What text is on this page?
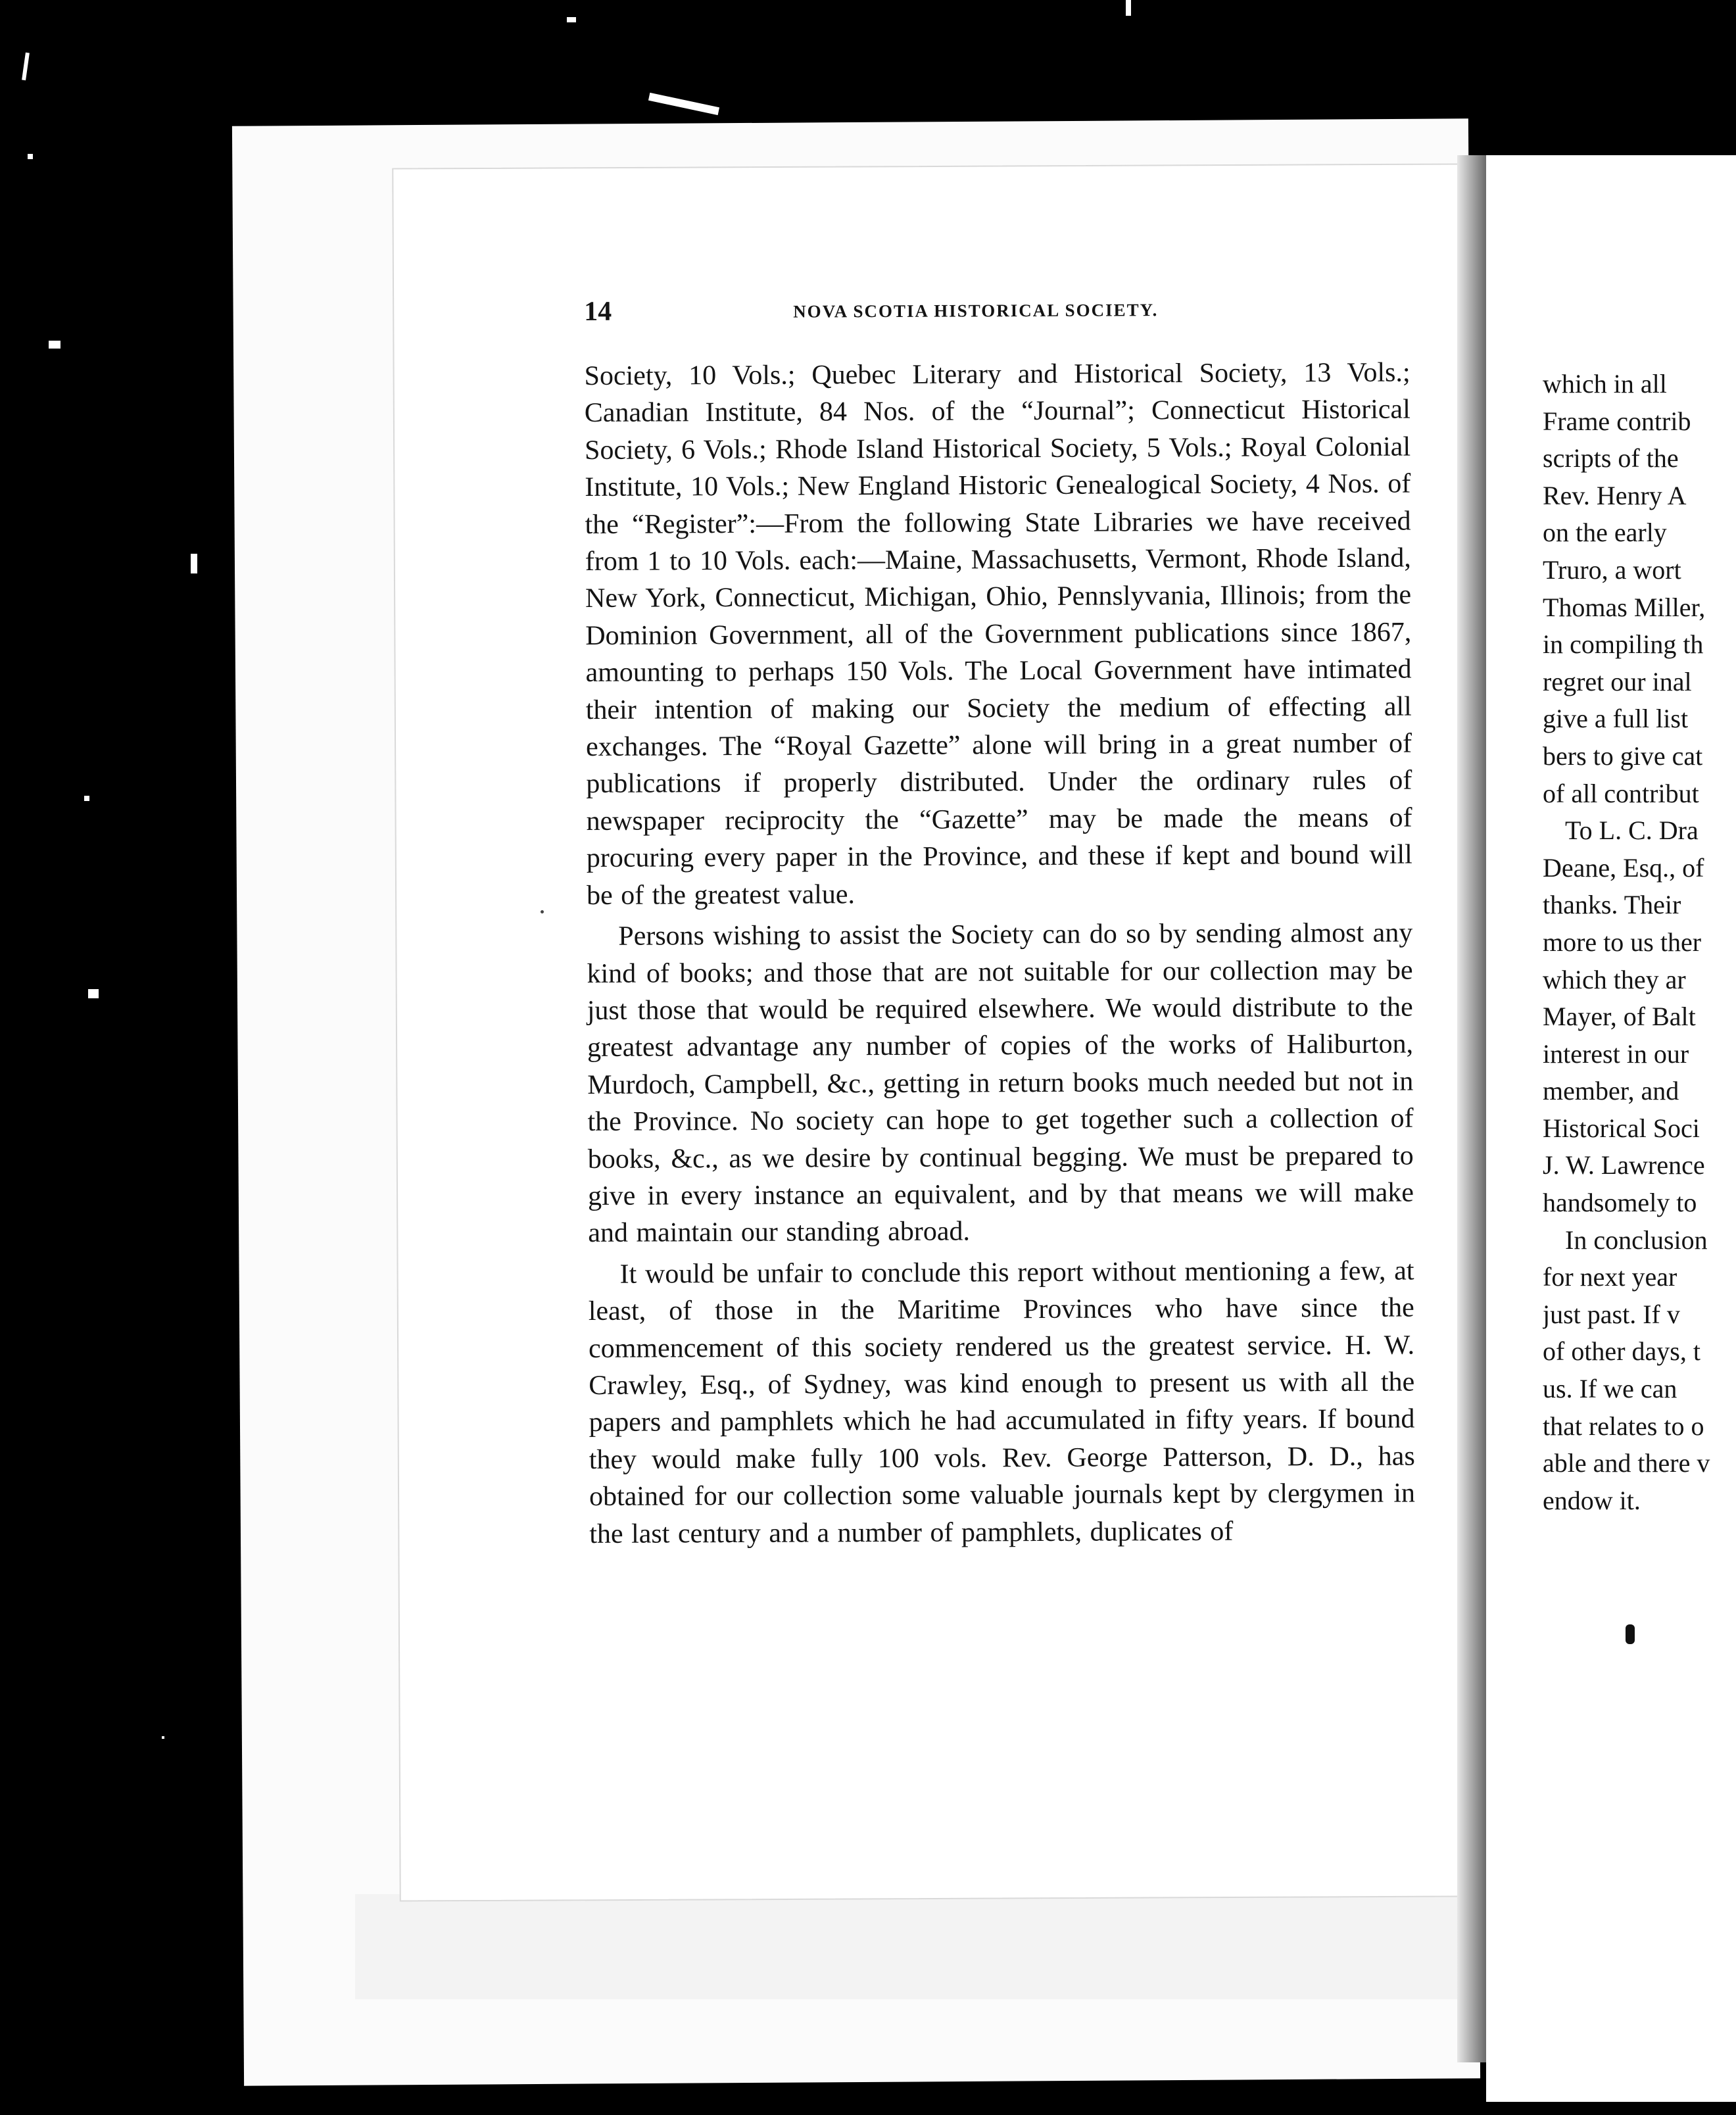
14	NOVA SCOTIA HISTORICAL SOCIETY.

Society, 10 Vols.; Quebec Literary and Historical Society, 13 Vols.; Canadian Institute, 84 Nos. of the “Journal”; Connecticut Historical Society, 6 Vols.; Rhode Island Historical Society, 5 Vols.; Royal Colonial Institute, 10 Vols.; New England Historic Genealogical Society, 4 Nos. of the “Register”:—From the following State Libraries we have received from 1 to 10 Vols. each:—Maine, Massachusetts, Vermont, Rhode Island, New York, Connecticut, Michigan, Ohio, Pennslyvania, Illinois; from the Dominion Government, all of the Government publications since 1867, amounting to perhaps 150 Vols. The Local Government have intimated their intention of making our Society the medium of effecting all exchanges. The “Royal Gazette” alone will bring in a great number of publications if properly distributed. Under the ordinary rules of newspaper reciprocity the “Gazette” may be made the means of procuring every paper in the Province, and these if kept and bound will be of the greatest value.

Persons wishing to assist the Society can do so by sending almost any kind of books; and those that are not suitable for our collection may be just those that would be required elsewhere. We would distribute to the greatest advantage any number of copies of the works of Haliburton, Murdoch, Campbell, &c., getting in return books much needed but not in the Province. No society can hope to get together such a collection of books, &c., as we desire by continual begging. We must be prepared to give in every instance an equivalent, and by that means we will make and maintain our standing abroad.

It would be unfair to conclude this report without mentioning a few, at least, of those in the Maritime Provinces who have since the commencement of this society rendered us the greatest service. H. W. Crawley, Esq., of Sydney, was kind enough to present us with all the papers and pamphlets which he had accumulated in fifty years. If bound they would make fully 100 vols. Rev. George Patterson, D. D., has obtained for our collection some valuable journals kept by clergymen in the last century and a number of pamphlets, duplicates of

which in all

Frame contrib

scripts of the

Rev. Henry A

on the early

Truro, a wort

Thomas Miller,

in compiling th

regret our inal

give a full list

bers to give cat

of all contribut

To L. C. Dra

Deane, Esq., of

thanks. Their

more to us ther

which they ar

Mayer, of Balt

interest in our

member, and

Historical Soci

J. W. Lawrence

handsomely to

In conclusion

for next year

just past. If v

of other days, t

us. If we can

that relates to o

able and there v

endow it.
